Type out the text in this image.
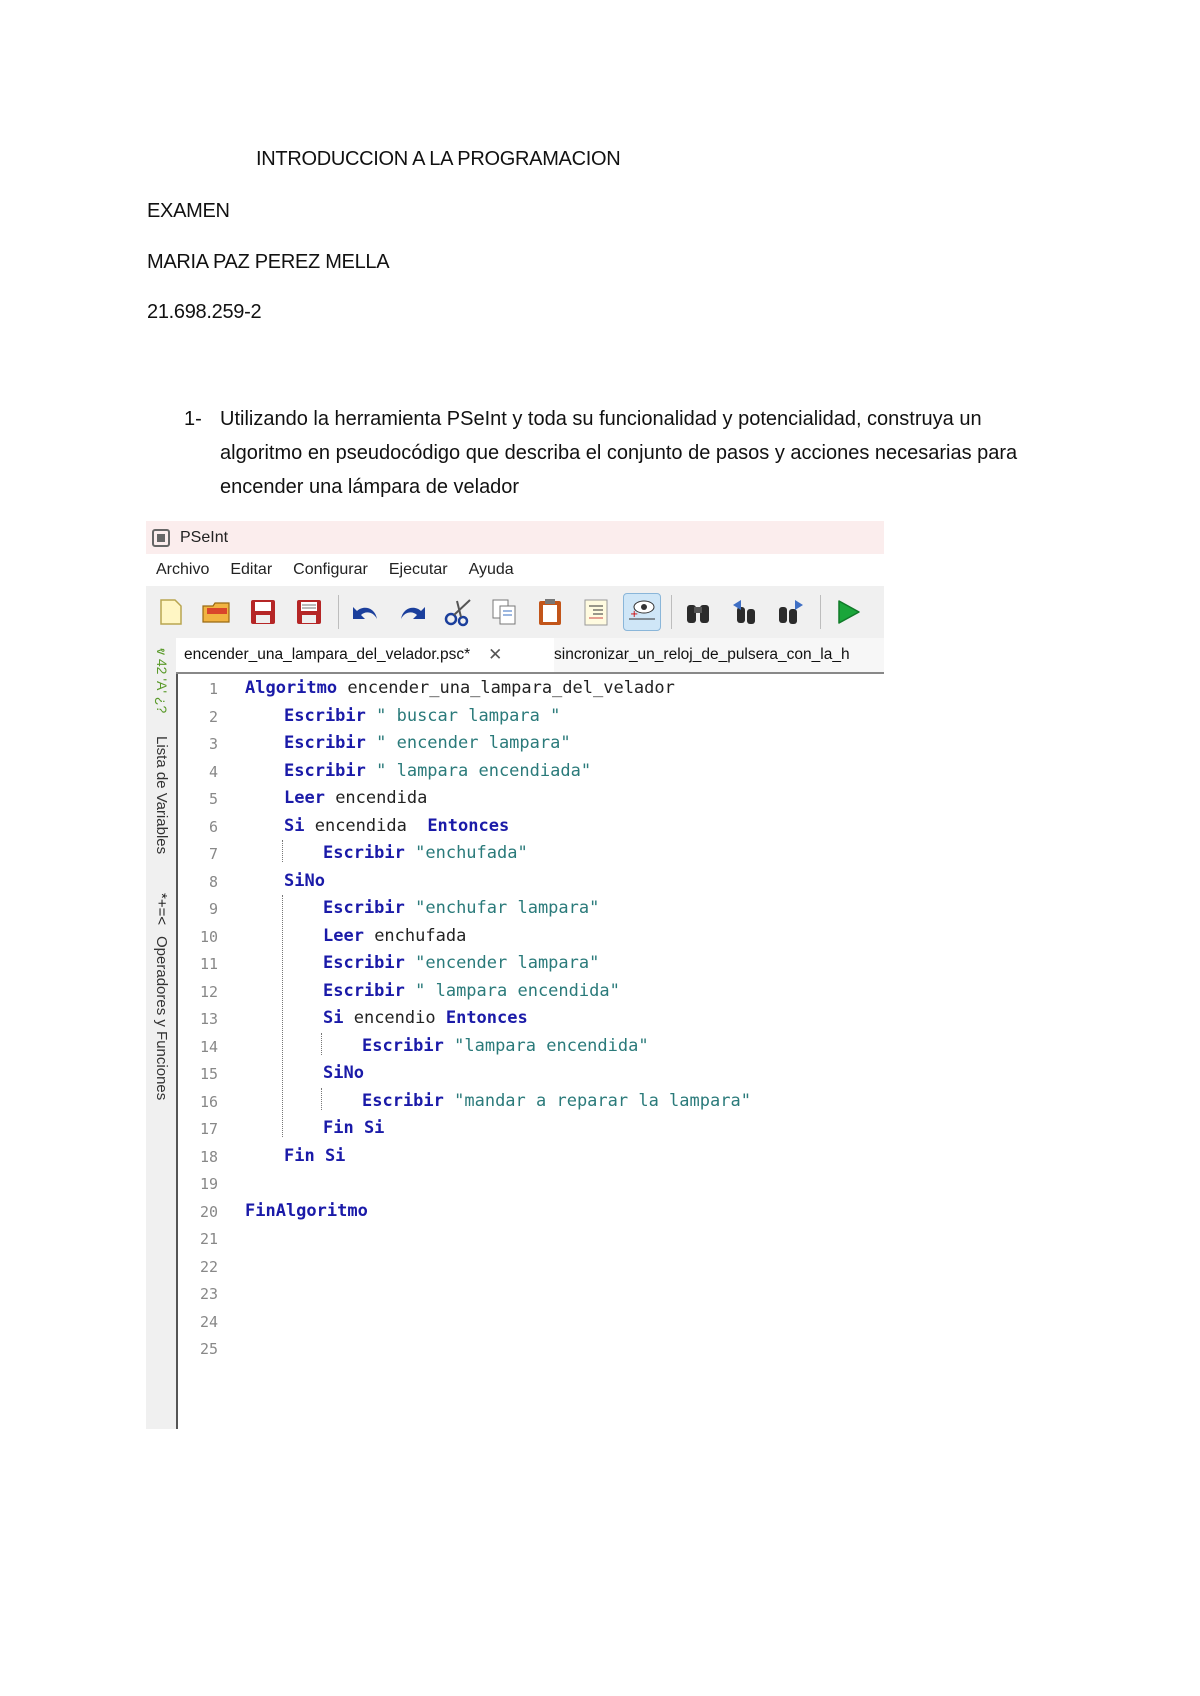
INTRODUCCION A LA PROGRAMACION
EXAMEN
MARIA PAZ PEREZ MELLA
21.698.259-2
1- Utilizando la herramienta PSeInt y toda su funcionalidad y potencialidad, construya un algoritmo en pseudocódigo que describa el conjunto de pasos y acciones necesarias para encender una lámpara de velador
PSeInt
Archivo Editar Configurar Ejecutar Ayuda
+
ⱴ 42 'A' ¿?
Lista de Variables
*+=<
Operadores y Funciones
encender_una_lampara_del_velador.psc* ✕	sincronizar_un_reloj_de_pulsera_con_la_h
1
2
3
4
5
6
7
8
9
10
11
12
13
14
15
16
17
18
19
20
21
22
23
24
25
Algoritmo encender_una_lampara_del_velador
Escribir " buscar lampara "
Escribir " encender lampara"
Escribir " lampara encendiada"
Leer encendida
Si encendida  Entonces
Escribir "enchufada"
SiNo
Escribir "enchufar lampara"
Leer enchufada
Escribir "encender lampara"
Escribir " lampara encendida"
Si encendio Entonces
Escribir "lampara encendida"
SiNo
Escribir "mandar a reparar la lampara"
Fin Si
Fin Si
FinAlgoritmo
